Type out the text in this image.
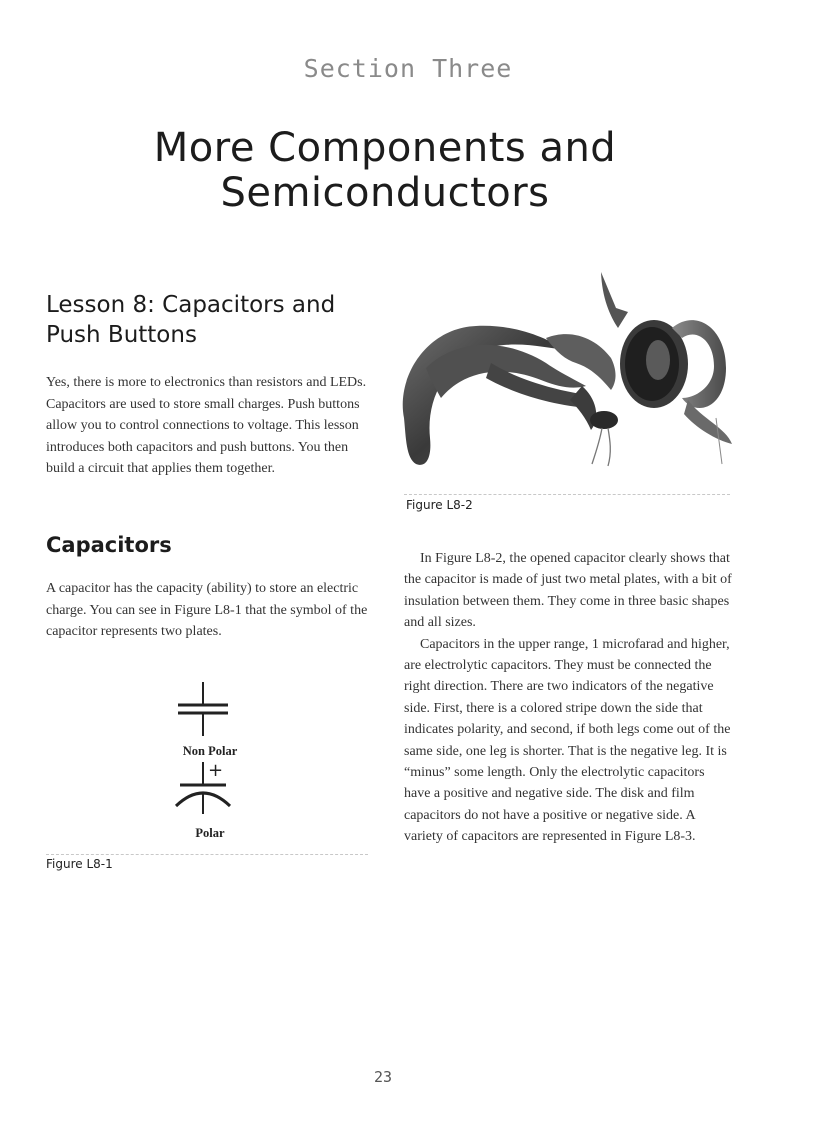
Section Three
More Components and
Semiconductors
Lesson 8: Capacitors and
Push Buttons

Yes, there is more to electronics than resistors and LEDs. Capacitors are used to store small charges. Push buttons allow you to control connections to voltage. This lesson introduces both capacitors and push buttons. You then build a circuit that applies them together.

Capacitors

A capacitor has the capacity (ability) to store an electric charge. You can see in Figure L8-1 that the symbol of the capacitor represents two plates.

Non Polar
+
Polar
Figure L8-1
Figure L8-2

In Figure L8-2, the opened capacitor clearly shows that the capacitor is made of just two metal plates, with a bit of insulation between them. They come in three basic shapes and all sizes.

Capacitors in the upper range, 1 microfarad and higher, are electrolytic capacitors. They must be connected the right direction. There are two indicators of the negative side. First, there is a colored stripe down the side that indicates polarity, and second, if both legs come out of the same side, one leg is shorter. That is the negative leg. It is “minus” some length. Only the electrolytic capacitors have a positive and negative side. The disk and film capacitors do not have a positive or negative side. A variety of capacitors are represented in Figure L8-3.

23
